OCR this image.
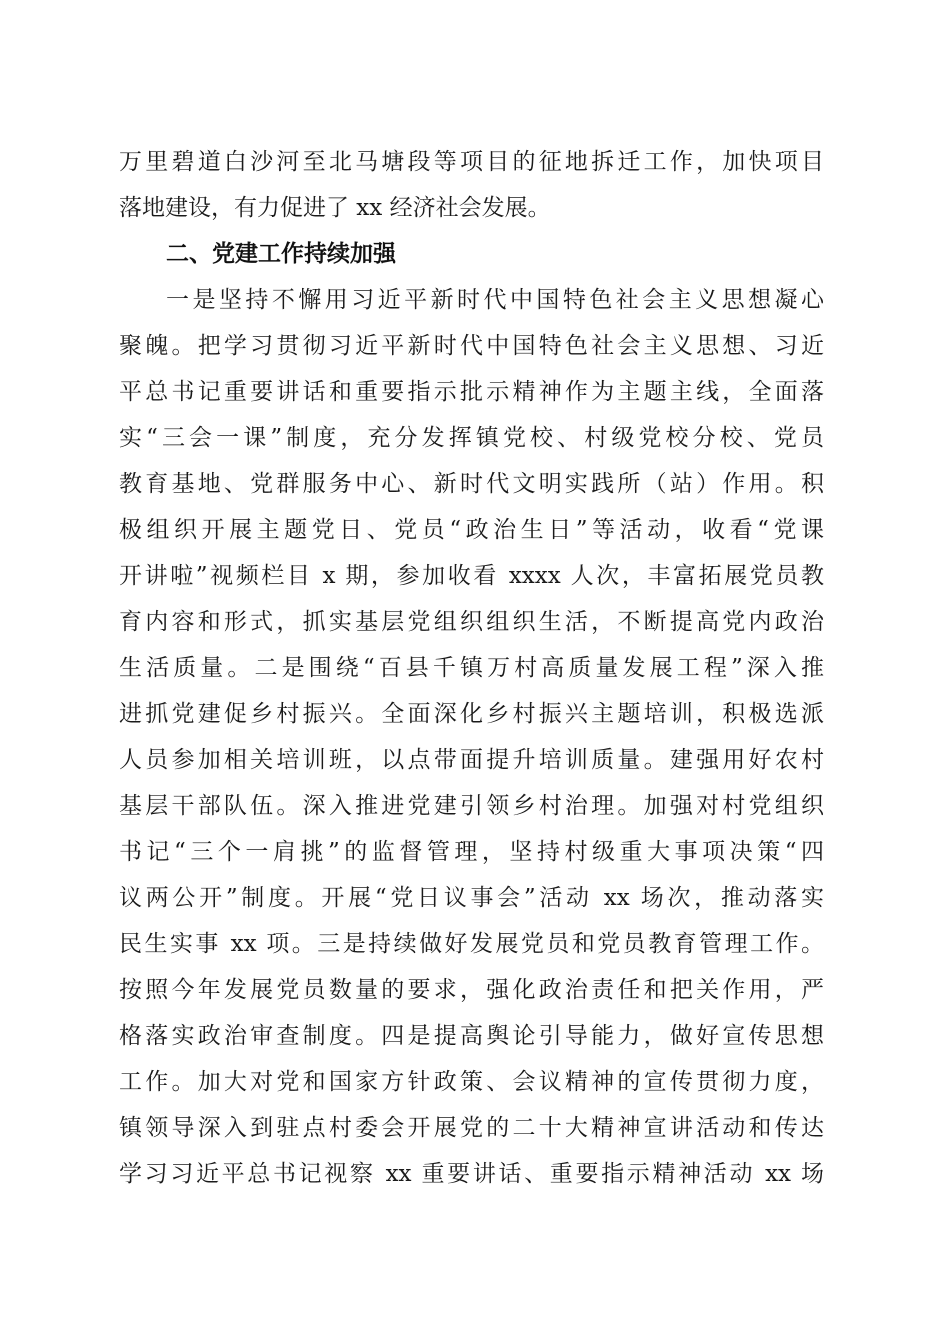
万里碧道白沙河至北马塘段等项目的征地拆迁工作，加快项目
落地建设，有力促进了 xx 经济社会发展。
二、党建工作持续加强
一是坚持不懈用习近平新时代中国特色社会主义思想凝心
聚魄。把学习贯彻习近平新时代中国特色社会主义思想、习近
平总书记重要讲话和重要指示批示精神作为主题主线，全面落
实“三会一课”制度，充分发挥镇党校、村级党校分校、党员
教育基地、党群服务中心、新时代文明实践所（站）作用。积
极组织开展主题党日、党员“政治生日”等活动，收看“党课
开讲啦”视频栏目 x 期，参加收看 xxxx 人次，丰富拓展党员教
育内容和形式，抓实基层党组织组织生活，不断提高党内政治
生活质量。二是围绕“百县千镇万村高质量发展工程”深入推
进抓党建促乡村振兴。全面深化乡村振兴主题培训，积极选派
人员参加相关培训班，以点带面提升培训质量。建强用好农村
基层干部队伍。深入推进党建引领乡村治理。加强对村党组织
书记“三个一肩挑”的监督管理，坚持村级重大事项决策“四
议两公开”制度。开展“党日议事会”活动 xx 场次，推动落实
民生实事 xx 项。三是持续做好发展党员和党员教育管理工作。
按照今年发展党员数量的要求，强化政治责任和把关作用，严
格落实政治审查制度。四是提高舆论引导能力，做好宣传思想
工作。加大对党和国家方针政策、会议精神的宣传贯彻力度，
镇领导深入到驻点村委会开展党的二十大精神宣讲活动和传达
学习习近平总书记视察 xx 重要讲话、重要指示精神活动 xx 场
